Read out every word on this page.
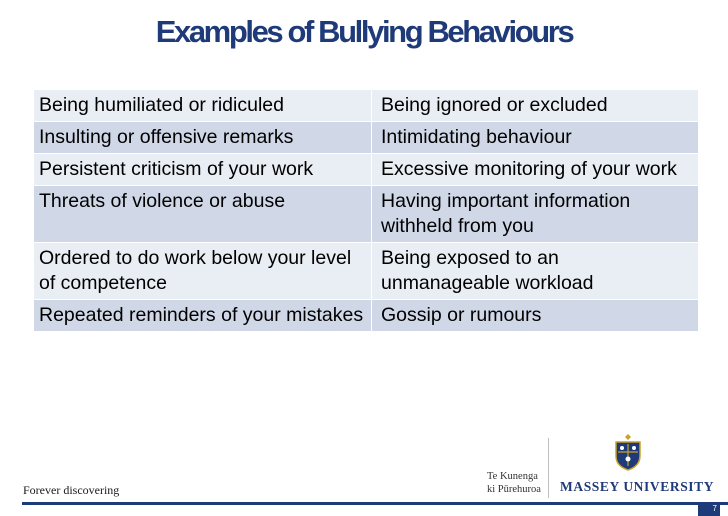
Examples of Bullying Behaviours
Being humiliated or ridiculed	Being ignored or excluded
Insulting or offensive remarks	Intimidating behaviour
Persistent criticism of your work	Excessive monitoring of your work
Threats of violence or abuse	Having important information withheld from you
Ordered to do work below your level of competence	Being exposed to an unmanageable workload
Repeated reminders of your mistakes	Gossip or rumours
Te Kunenga
ki Pūrehuroa MASSEY UNIVERSITY
Forever discovering
7
